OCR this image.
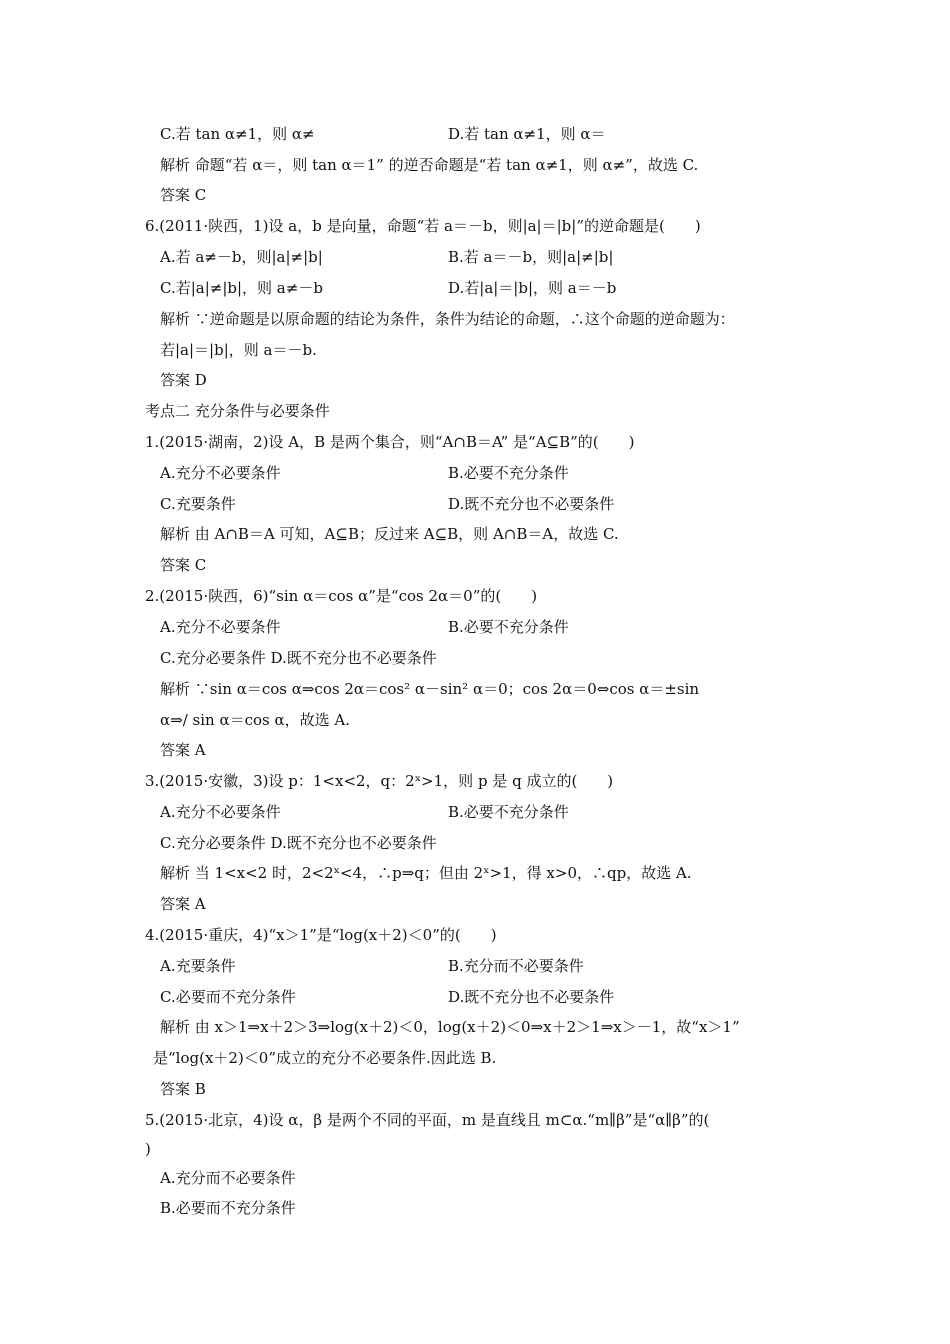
C.若 tan α≠1，则 α≠	D.若 tan α≠1，则 α＝
解析 命题“若 α＝，则 tan α＝1” 的逆否命题是“若 tan α≠1，则 α≠”，故选 C.
答案 C
6.(2011·陕西，1)设 a，b 是向量，命题“若 a＝－b，则|a|＝|b|”的逆命题是(　　)
A.若 a≠－b，则|a|≠|b|	B.若 a＝－b，则|a|≠|b|
C.若|a|≠|b|，则 a≠－b	D.若|a|＝|b|，则 a＝－b
解析 ∵逆命题是以原命题的结论为条件，条件为结论的命题，∴这个命题的逆命题为：
若|a|＝|b|，则 a＝－b.
答案 D
考点二 充分条件与必要条件
1.(2015·湖南，2)设 A，B 是两个集合，则“A∩B＝A” 是“A⊆B”的(　　)
A.充分不必要条件	B.必要不充分条件
C.充要条件	D.既不充分也不必要条件
解析 由 A∩B＝A 可知，A⊆B；反过来 A⊆B，则 A∩B＝A，故选 C.
答案 C
2.(2015·陕西，6)“sin α＝cos α”是“cos 2α＝0”的(　　)
A.充分不必要条件	B.必要不充分条件
C.充分必要条件 D.既不充分也不必要条件
解析 ∵sin α＝cos α⇒cos 2α＝cos² α－sin² α＝0；cos 2α＝0⇔cos α＝±sin
α⇒/ sin α＝cos α，故选 A.
答案 A
3.(2015·安徽，3)设 p：1<x<2，q：2ˣ>1，则 p 是 q 成立的(　　)
A.充分不必要条件	B.必要不充分条件
C.充分必要条件 D.既不充分也不必要条件
解析 当 1<x<2 时，2<2ˣ<4，∴p⇒q；但由 2ˣ>1，得 x>0，∴qp，故选 A.
答案 A
4.(2015·重庆，4)“x＞1”是“log(x＋2)＜0”的(　　)
A.充要条件	B.充分而不必要条件
C.必要而不充分条件	D.既不充分也不必要条件
解析 由 x＞1⇒x＋2＞3⇒log(x＋2)＜0，log(x＋2)＜0⇒x＋2＞1⇒x＞－1，故“x＞1”
是“log(x＋2)＜0”成立的充分不必要条件.因此选 B.
答案 B
5.(2015·北京，4)设 α，β 是两个不同的平面，m 是直线且 m⊂α.“m∥β”是“α∥β”的(
)
A.充分而不必要条件
B.必要而不充分条件
